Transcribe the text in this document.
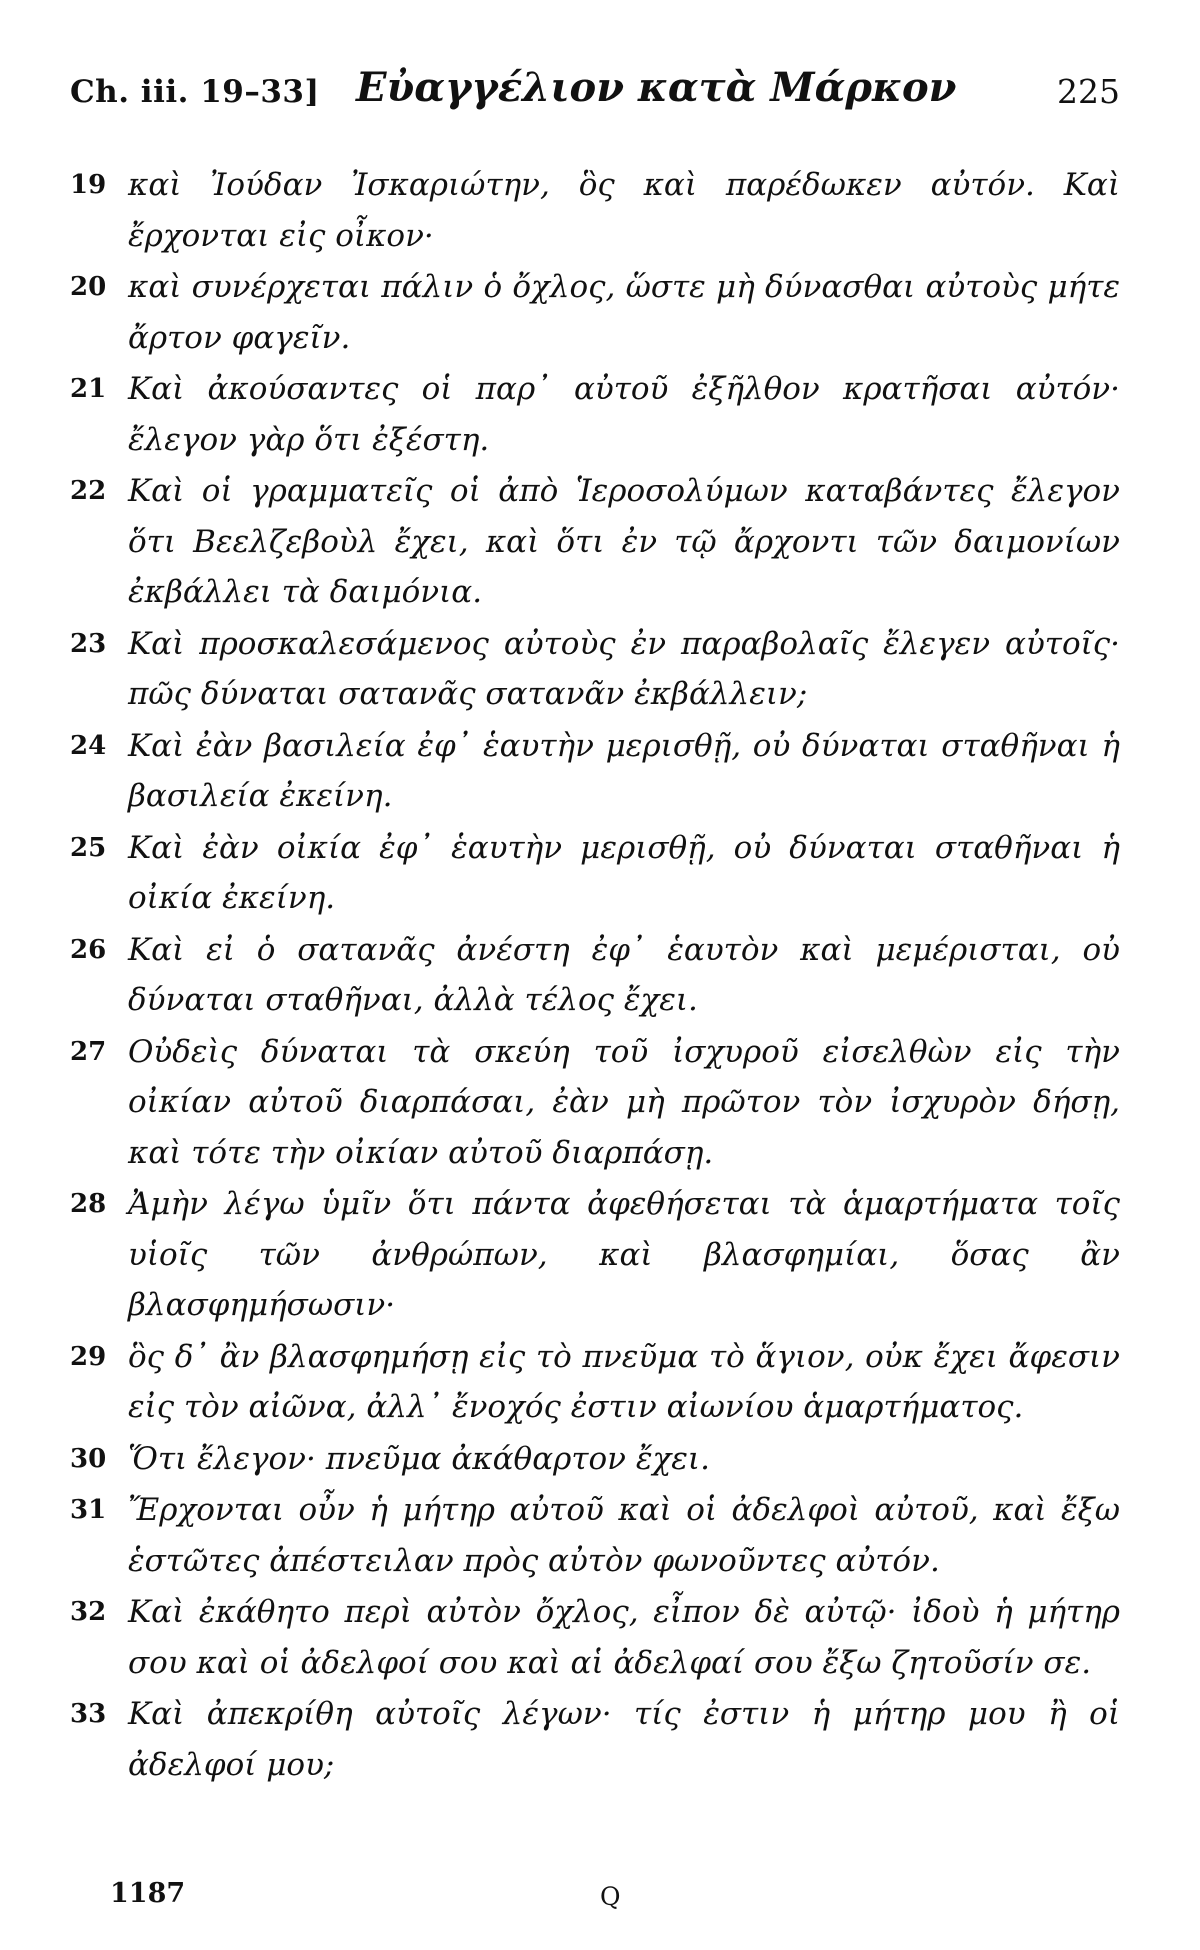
Ch. iii. 19–33] Εὐαγγέλιον κατὰ Μάρκον	225
19 καὶ Ἰούδαν Ἰσκαριώτην, ὃς καὶ παρέδωκεν αὐτόν. Καὶ ἔρχονται εἰς οἶκον·
20 καὶ συνέρχεται πάλιν ὁ ὄχλος, ὥστε μὴ δύνασθαι αὐτοὺς μήτε ἄρτον φαγεῖν.
21 Καὶ ἀκούσαντες οἱ παρ᾽ αὐτοῦ ἐξῆλθον κρατῆσαι αὐτόν· ἔλεγον γὰρ ὅτι ἐξέστη.
22 Καὶ οἱ γραμματεῖς οἱ ἀπὸ Ἱεροσολύμων καταβάντες ἔλεγον ὅτι Βεελζεβοὺλ ἔχει, καὶ ὅτι ἐν τῷ ἄρχοντι τῶν δαιμονίων ἐκβάλλει τὰ δαιμόνια.
23 Καὶ προσκαλεσάμενος αὐτοὺς ἐν παραβολαῖς ἔλεγεν αὐτοῖς· πῶς δύναται σατανᾶς σατανᾶν ἐκβάλλειν;
24 Καὶ ἐὰν βασιλεία ἐφ᾽ ἑαυτὴν μερισθῇ, οὐ δύναται σταθῆναι ἡ βασιλεία ἐκείνη.
25 Καὶ ἐὰν οἰκία ἐφ᾽ ἑαυτὴν μερισθῇ, οὐ δύναται σταθῆναι ἡ οἰκία ἐκείνη.
26 Καὶ εἰ ὁ σατανᾶς ἀνέστη ἐφ᾽ ἑαυτὸν καὶ μεμέρισται, οὐ δύναται σταθῆναι, ἀλλὰ τέλος ἔχει.
27 Οὐδεὶς δύναται τὰ σκεύη τοῦ ἰσχυροῦ εἰσελθὼν εἰς τὴν οἰκίαν αὐτοῦ διαρπάσαι, ἐὰν μὴ πρῶτον τὸν ἰσχυρὸν δήσῃ, καὶ τότε τὴν οἰκίαν αὐτοῦ διαρπάσῃ.
28 Ἀμὴν λέγω ὑμῖν ὅτι πάντα ἀφεθήσεται τὰ ἁμαρτήματα τοῖς υἱοῖς τῶν ἀνθρώπων, καὶ βλασφημίαι, ὅσας ἂν βλασφημήσωσιν·
29 ὃς δ᾽ ἂν βλασφημήσῃ εἰς τὸ πνεῦμα τὸ ἅγιον, οὐκ ἔχει ἄφεσιν εἰς τὸν αἰῶνα, ἀλλ᾽ ἔνοχός ἐστιν αἰωνίου ἁμαρτήματος.
30 Ὅτι ἔλεγον· πνεῦμα ἀκάθαρτον ἔχει.
31 Ἔρχονται οὖν ἡ μήτηρ αὐτοῦ καὶ οἱ ἀδελφοὶ αὐτοῦ, καὶ ἔξω ἑστῶτες ἀπέστειλαν πρὸς αὐτὸν φωνοῦντες αὐτόν.
32 Καὶ ἐκάθητο περὶ αὐτὸν ὄχλος, εἶπον δὲ αὐτῷ· ἰδοὺ ἡ μήτηρ σου καὶ οἱ ἀδελφοί σου καὶ αἱ ἀδελφαί σου ἔξω ζητοῦσίν σε.
33 Καὶ ἀπεκρίθη αὐτοῖς λέγων· τίς ἐστιν ἡ μήτηρ μου ἢ οἱ ἀδελφοί μου;
1187	Q
